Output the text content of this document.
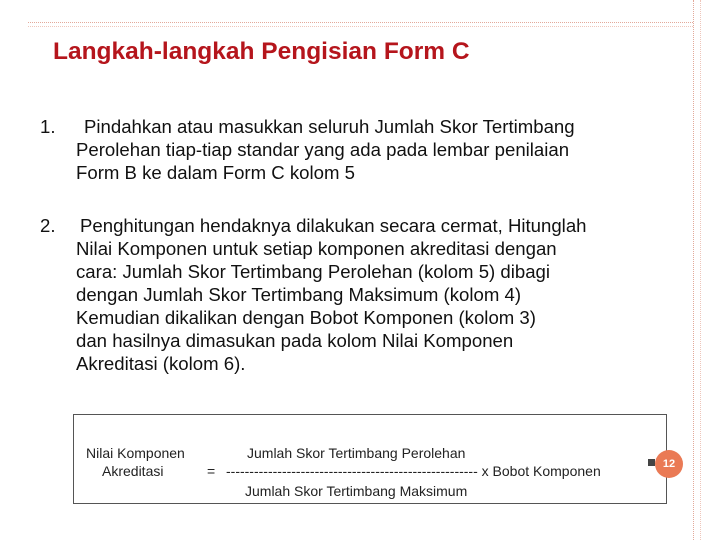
Langkah-langkah Pengisian Form C
1.	Pindahkan atau masukkan seluruh Jumlah Skor Tertimbang
Perolehan tiap-tiap standar yang ada pada lembar penilaian
Form B ke dalam Form C kolom 5
2. Penghitungan hendaknya dilakukan secara cermat, Hitunglah
Nilai Komponen untuk setiap komponen akreditasi dengan
cara: Jumlah Skor Tertimbang Perolehan (kolom 5) dibagi
dengan Jumlah Skor Tertimbang Maksimum (kolom 4)
Kemudian dikalikan dengan Bobot Komponen (kolom 3)
dan hasilnya dimasukan pada kolom Nilai Komponen
Akreditasi (kolom 6).
Nilai Komponen
Akreditasi
Jumlah Skor Tertimbang Perolehan
= ------------------------------------------------------ x Bobot Komponen
Jumlah Skor Tertimbang Maksimum
12
